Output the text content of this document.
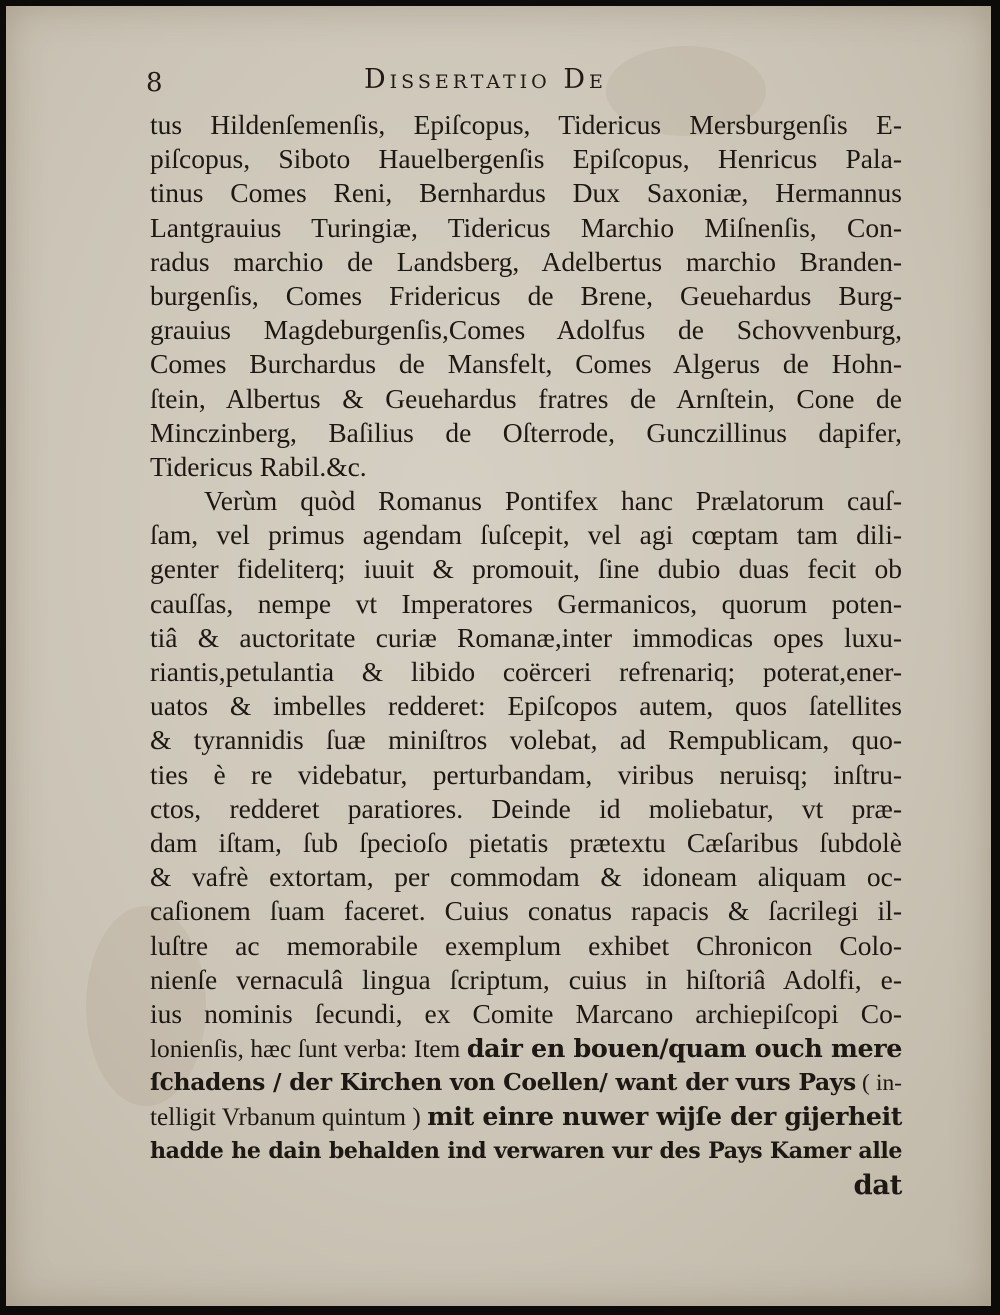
8	Dissertatio De
tus Hildenſemenſis, Epiſcopus, Tidericus Mersburgenſis E-
piſcopus, Siboto Hauelbergenſis Epiſcopus, Henricus Pala-
tinus Comes Reni, Bernhardus Dux Saxoniæ, Hermannus
Lantgrauius Turingiæ, Tidericus Marchio Miſnenſis, Con-
radus marchio de Landsberg, Adelbertus marchio Branden-
burgenſis, Comes Fridericus de Brene, Geuehardus Burg-
grauius Magdeburgenſis,Comes Adolfus de Schovvenburg,
Comes Burchardus de Mansfelt, Comes Algerus de Hohn-
ſtein, Albertus & Geuehardus fratres de Arnſtein, Cone de
Minczinberg, Baſilius de Oſterrode, Gunczillinus dapifer,
Tidericus Rabil.&c.
Verùm quòd Romanus Pontifex hanc Prælatorum cauſ-
ſam, vel primus agendam ſuſcepit, vel agi cœptam tam dili-
genter fideliterq; iuuit & promouit, ſine dubio duas fecit ob
cauſſas, nempe vt Imperatores Germanicos, quorum poten-
tiâ & auctoritate curiæ Romanæ,inter immodicas opes luxu-
riantis,petulantia & libido coërceri refrenariq; poterat,ener-
uatos & imbelles redderet: Epiſcopos autem, quos ſatellites
& tyrannidis ſuæ miniſtros volebat, ad Rempublicam, quo-
ties è re videbatur, perturbandam, viribus neruisq; inſtru-
ctos, redderet paratiores. Deinde id moliebatur, vt præ-
dam iſtam, ſub ſpecioſo pietatis prætextu Cæſaribus ſubdolè
& vafrè extortam, per commodam & idoneam aliquam oc-
caſionem ſuam faceret. Cuius conatus rapacis & ſacrilegi il-
luſtre ac memorabile exemplum exhibet Chronicon Colo-
nienſe vernaculâ lingua ſcriptum, cuius in hiſtoriâ Adolfi, e-
ius nominis ſecundi, ex Comite Marcano archiepiſcopi Co-
lonienſis, hæc ſunt verba: Item dair en bouen/quam ouch mere
ſchadens / der Kirchen von Coellen/ want der vurs Pays ( in-
telligit Vrbanum quintum ) mit einre nuwer wijſe der gijerheit
hadde he dain behalden ind verwaren vur des Pays Kamer alle
dat
